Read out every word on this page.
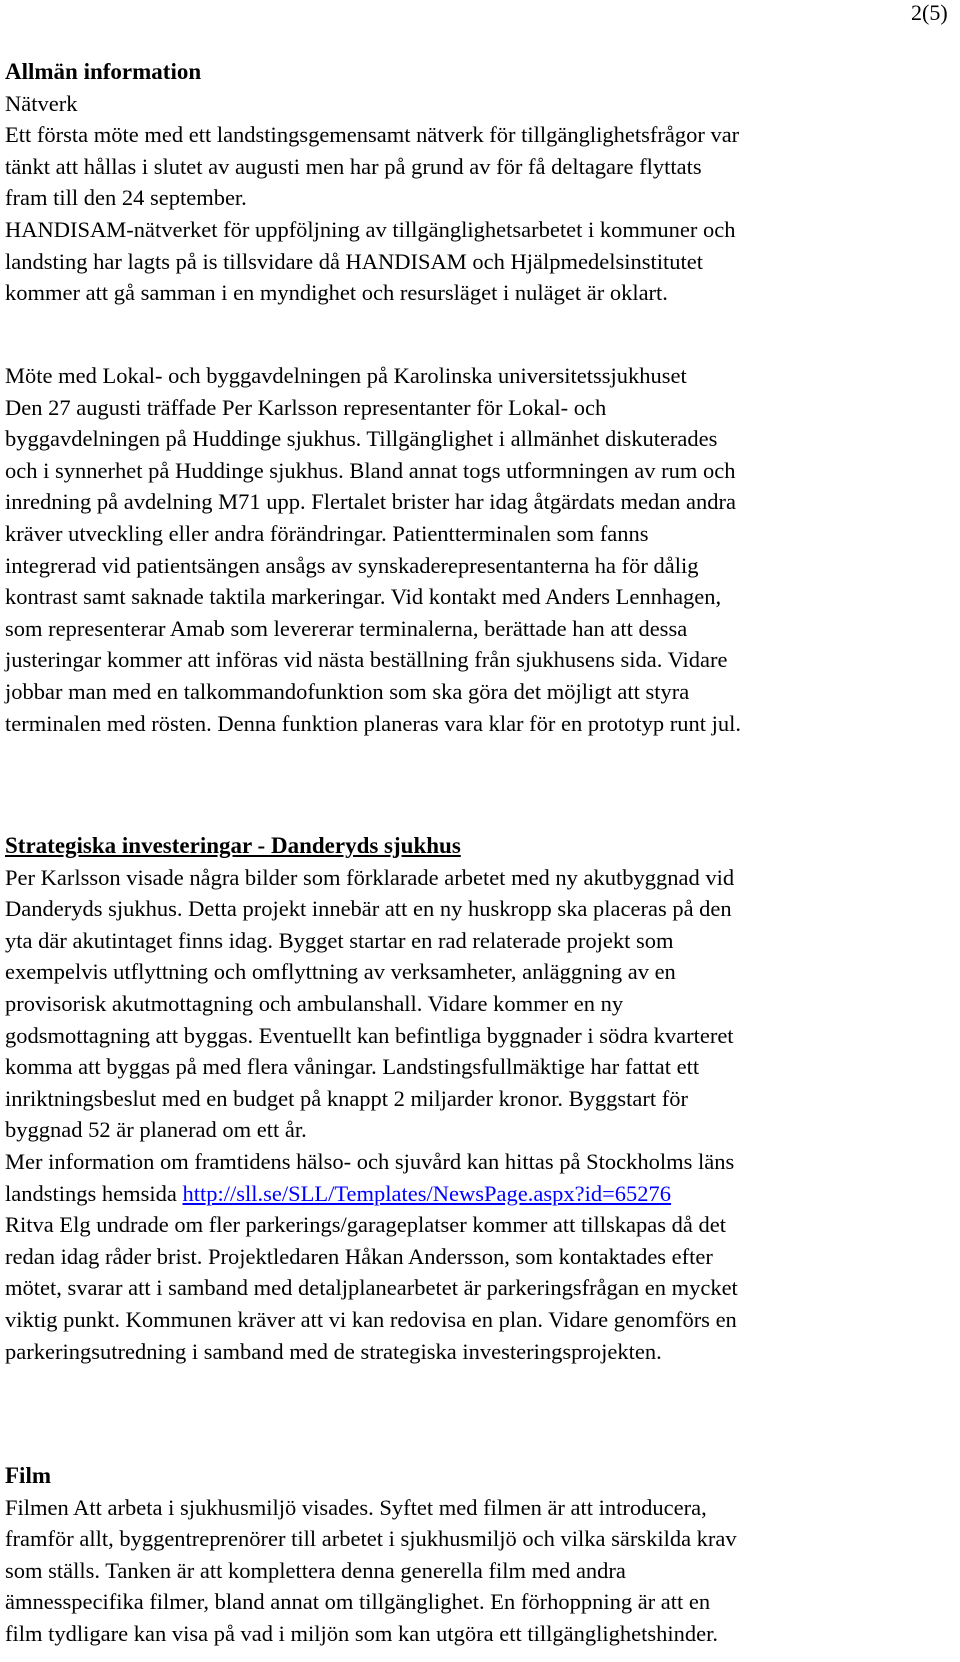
2(5)
Allmän information
Nätverk
Ett första möte med ett landstingsgemensamt nätverk för tillgänglighetsfrågor var
tänkt att hållas i slutet av augusti men har på grund av för få deltagare flyttats
fram till den 24 september.
HANDISAM-nätverket för uppföljning av tillgänglighetsarbetet i kommuner och
landsting har lagts på is tillsvidare då HANDISAM och Hjälpmedelsinstitutet
kommer att gå samman i en myndighet och resursläget i nuläget är oklart.
Möte med Lokal- och byggavdelningen på Karolinska universitetssjukhuset
Den 27 augusti träffade Per Karlsson representanter för Lokal- och
byggavdelningen på Huddinge sjukhus. Tillgänglighet i allmänhet diskuterades
och i synnerhet på Huddinge sjukhus. Bland annat togs utformningen av rum och
inredning på avdelning M71 upp. Flertalet brister har idag åtgärdats medan andra
kräver utveckling eller andra förändringar. Patientterminalen som fanns
integrerad vid patientsängen ansågs av synskaderepresentanterna ha för dålig
kontrast samt saknade taktila markeringar. Vid kontakt med Anders Lennhagen,
som representerar Amab som levererar terminalerna, berättade han att dessa
justeringar kommer att införas vid nästa beställning från sjukhusens sida. Vidare
jobbar man med en talkommandofunktion som ska göra det möjligt att styra
terminalen med rösten. Denna funktion planeras vara klar för en prototyp runt jul.
Strategiska investeringar - Danderyds sjukhus
Per Karlsson visade några bilder som förklarade arbetet med ny akutbyggnad vid
Danderyds sjukhus. Detta projekt innebär att en ny huskropp ska placeras på den
yta där akutintaget finns idag. Bygget startar en rad relaterade projekt som
exempelvis utflyttning och omflyttning av verksamheter, anläggning av en
provisorisk akutmottagning och ambulanshall. Vidare kommer en ny
godsmottagning att byggas. Eventuellt kan befintliga byggnader i södra kvarteret
komma att byggas på med flera våningar. Landstingsfullmäktige har fattat ett
inriktningsbeslut med en budget på knappt 2 miljarder kronor. Byggstart för
byggnad 52 är planerad om ett år.
Mer information om framtidens hälso- och sjuvård kan hittas på Stockholms läns
landstings hemsida http://sll.se/SLL/Templates/NewsPage.aspx?id=65276
Ritva Elg undrade om fler parkerings/garageplatser kommer att tillskapas då det
redan idag råder brist. Projektledaren Håkan Andersson, som kontaktades efter
mötet, svarar att i samband med detaljplanearbetet är parkeringsfrågan en mycket
viktig punkt. Kommunen kräver att vi kan redovisa en plan. Vidare genomförs en
parkeringsutredning i samband med de strategiska investeringsprojekten.
Film
Filmen Att arbeta i sjukhusmiljö visades. Syftet med filmen är att introducera,
framför allt, byggentreprenörer till arbetet i sjukhusmiljö och vilka särskilda krav
som ställs. Tanken är att komplettera denna generella film med andra
ämnesspecifika filmer, bland annat om tillgänglighet. En förhoppning är att en
film tydligare kan visa på vad i miljön som kan utgöra ett tillgänglighetshinder.
